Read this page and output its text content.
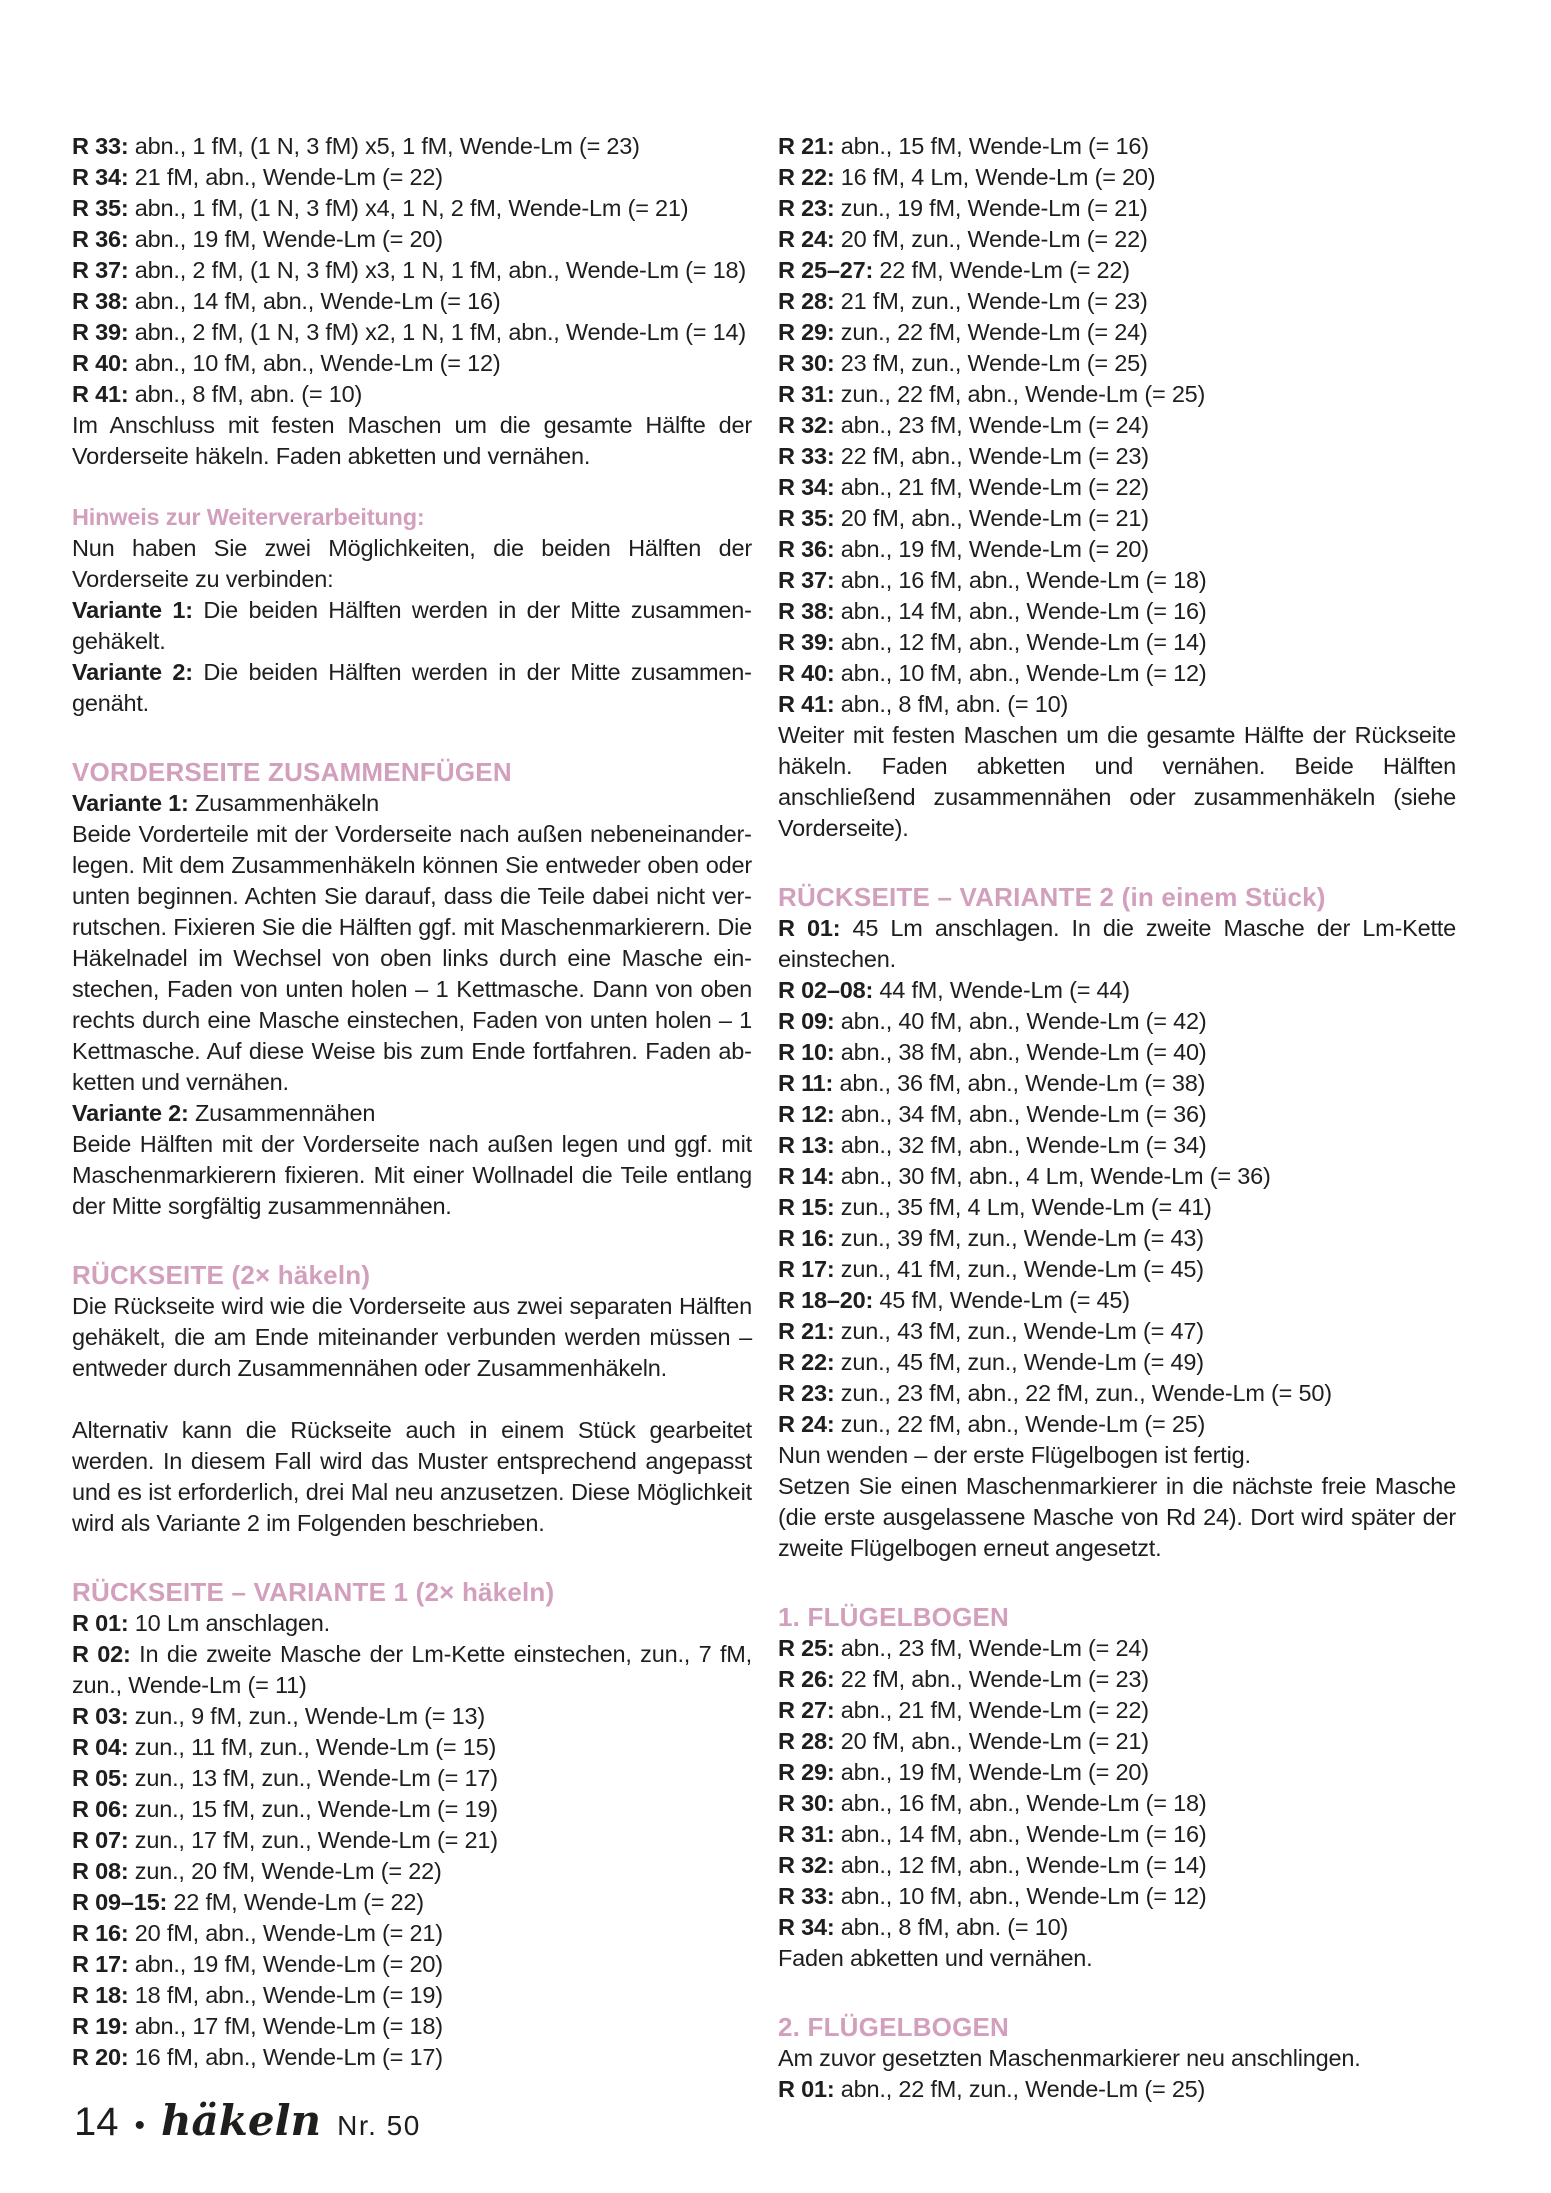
R 33: abn., 1 fM, (1 N, 3 fM) x5, 1 fM, Wende-Lm (= 23)

R 34: 21 fM, abn., Wende-Lm (= 22)

R 35: abn., 1 fM, (1 N, 3 fM) x4, 1 N, 2 fM, Wende-Lm (= 21)

R 36: abn., 19 fM, Wende-Lm (= 20)

R 37: abn., 2 fM, (1 N, 3 fM) x3, 1 N, 1 fM, abn., Wende-Lm (= 18)

R 38: abn., 14 fM, abn., Wende-Lm (= 16)

R 39: abn., 2 fM, (1 N, 3 fM) x2, 1 N, 1 fM, abn., Wende-Lm (= 14)

R 40: abn., 10 fM, abn., Wende-Lm (= 12)

R 41: abn., 8 fM, abn. (= 10)

Im Anschluss mit festen Maschen um die gesamte Hälfte der Vorderseite häkeln. Faden abketten und vernähen.

Hinweis zur Weiterverarbeitung:

Nun haben Sie zwei Möglichkeiten, die beiden Hälften der Vorderseite zu verbinden:

Variante 1: Die beiden Hälften werden in der Mitte zusammengehäkelt.

Variante 2: Die beiden Hälften werden in der Mitte zusammengenäht.

VORDERSEITE ZUSAMMENFÜGEN

Variante 1: Zusammenhäkeln

Beide Vorderteile mit der Vorderseite nach außen nebeneinanderlegen. Mit dem Zusammenhäkeln können Sie entweder oben oder unten beginnen. Achten Sie darauf, dass die Teile dabei nicht verrutschen. Fixieren Sie die Hälften ggf. mit Maschenmarkierern. Die Häkelnadel im Wechsel von oben links durch eine Masche einstechen, Faden von unten holen – 1 Kettmasche. Dann von oben rechts durch eine Masche einstechen, Faden von unten holen – 1 Kettmasche. Auf diese Weise bis zum Ende fortfahren. Faden abketten und vernähen.

Variante 2: Zusammennähen

Beide Hälften mit der Vorderseite nach außen legen und ggf. mit Maschenmarkierern fixieren. Mit einer Wollnadel die Teile entlang der Mitte sorgfältig zusammennähen.

RÜCKSEITE (2× häkeln)

Die Rückseite wird wie die Vorderseite aus zwei separaten Hälften gehäkelt, die am Ende miteinander verbunden werden müssen – entweder durch Zusammennähen oder Zusammenhäkeln.

Alternativ kann die Rückseite auch in einem Stück gearbeitet werden. In diesem Fall wird das Muster entsprechend angepasst und es ist erforderlich, drei Mal neu anzusetzen. Diese Möglichkeit wird als Variante 2 im Folgenden beschrieben.

RÜCKSEITE – VARIANTE 1 (2× häkeln)

R 01: 10 Lm anschlagen.

R 02: In die zweite Masche der Lm-Kette einstechen, zun., 7 fM, zun., Wende-Lm (= 11)

R 03: zun., 9 fM, zun., Wende-Lm (= 13)

R 04: zun., 11 fM, zun., Wende-Lm (= 15)

R 05: zun., 13 fM, zun., Wende-Lm (= 17)

R 06: zun., 15 fM, zun., Wende-Lm (= 19)

R 07: zun., 17 fM, zun., Wende-Lm (= 21)

R 08: zun., 20 fM, Wende-Lm (= 22)

R 09–15: 22 fM, Wende-Lm (= 22)

R 16: 20 fM, abn., Wende-Lm (= 21)

R 17: abn., 19 fM, Wende-Lm (= 20)

R 18: 18 fM, abn., Wende-Lm (= 19)

R 19: abn., 17 fM, Wende-Lm (= 18)

R 20: 16 fM, abn., Wende-Lm (= 17)

R 21: abn., 15 fM, Wende-Lm (= 16)

R 22: 16 fM, 4 Lm, Wende-Lm (= 20)

R 23: zun., 19 fM, Wende-Lm (= 21)

R 24: 20 fM, zun., Wende-Lm (= 22)

R 25–27: 22 fM, Wende-Lm (= 22)

R 28: 21 fM, zun., Wende-Lm (= 23)

R 29: zun., 22 fM, Wende-Lm (= 24)

R 30: 23 fM, zun., Wende-Lm (= 25)

R 31: zun., 22 fM, abn., Wende-Lm (= 25)

R 32: abn., 23 fM, Wende-Lm (= 24)

R 33: 22 fM, abn., Wende-Lm (= 23)

R 34: abn., 21 fM, Wende-Lm (= 22)

R 35: 20 fM, abn., Wende-Lm (= 21)

R 36: abn., 19 fM, Wende-Lm (= 20)

R 37: abn., 16 fM, abn., Wende-Lm (= 18)

R 38: abn., 14 fM, abn., Wende-Lm (= 16)

R 39: abn., 12 fM, abn., Wende-Lm (= 14)

R 40: abn., 10 fM, abn., Wende-Lm (= 12)

R 41: abn., 8 fM, abn. (= 10)

Weiter mit festen Maschen um die gesamte Hälfte der Rückseite häkeln. Faden abketten und vernähen. Beide Hälften anschließend zusammennähen oder zusammenhäkeln (siehe Vorderseite).

RÜCKSEITE – VARIANTE 2 (in einem Stück)

R 01: 45 Lm anschlagen. In die zweite Masche der Lm-Kette einstechen.

R 02–08: 44 fM, Wende-Lm (= 44)

R 09: abn., 40 fM, abn., Wende-Lm (= 42)

R 10: abn., 38 fM, abn., Wende-Lm (= 40)

R 11: abn., 36 fM, abn., Wende-Lm (= 38)

R 12: abn., 34 fM, abn., Wende-Lm (= 36)

R 13: abn., 32 fM, abn., Wende-Lm (= 34)

R 14: abn., 30 fM, abn., 4 Lm, Wende-Lm (= 36)

R 15: zun., 35 fM, 4 Lm, Wende-Lm (= 41)

R 16: zun., 39 fM, zun., Wende-Lm (= 43)

R 17: zun., 41 fM, zun., Wende-Lm (= 45)

R 18–20: 45 fM, Wende-Lm (= 45)

R 21: zun., 43 fM, zun., Wende-Lm (= 47)

R 22: zun., 45 fM, zun., Wende-Lm (= 49)

R 23: zun., 23 fM, abn., 22 fM, zun., Wende-Lm (= 50)

R 24: zun., 22 fM, abn., Wende-Lm (= 25)

Nun wenden – der erste Flügelbogen ist fertig.

Setzen Sie einen Maschenmarkierer in die nächste freie Masche (die erste ausgelassene Masche von Rd 24). Dort wird später der zweite Flügelbogen erneut angesetzt.

1. FLÜGELBOGEN

R 25: abn., 23 fM, Wende-Lm (= 24)

R 26: 22 fM, abn., Wende-Lm (= 23)

R 27: abn., 21 fM, Wende-Lm (= 22)

R 28: 20 fM, abn., Wende-Lm (= 21)

R 29: abn., 19 fM, Wende-Lm (= 20)

R 30: abn., 16 fM, abn., Wende-Lm (= 18)

R 31: abn., 14 fM, abn., Wende-Lm (= 16)

R 32: abn., 12 fM, abn., Wende-Lm (= 14)

R 33: abn., 10 fM, abn., Wende-Lm (= 12)

R 34: abn., 8 fM, abn. (= 10)

Faden abketten und vernähen.

2. FLÜGELBOGEN

Am zuvor gesetzten Maschenmarkierer neu anschlingen.

R 01: abn., 22 fM, zun., Wende-Lm (= 25)

14 • häkeln Nr. 50
